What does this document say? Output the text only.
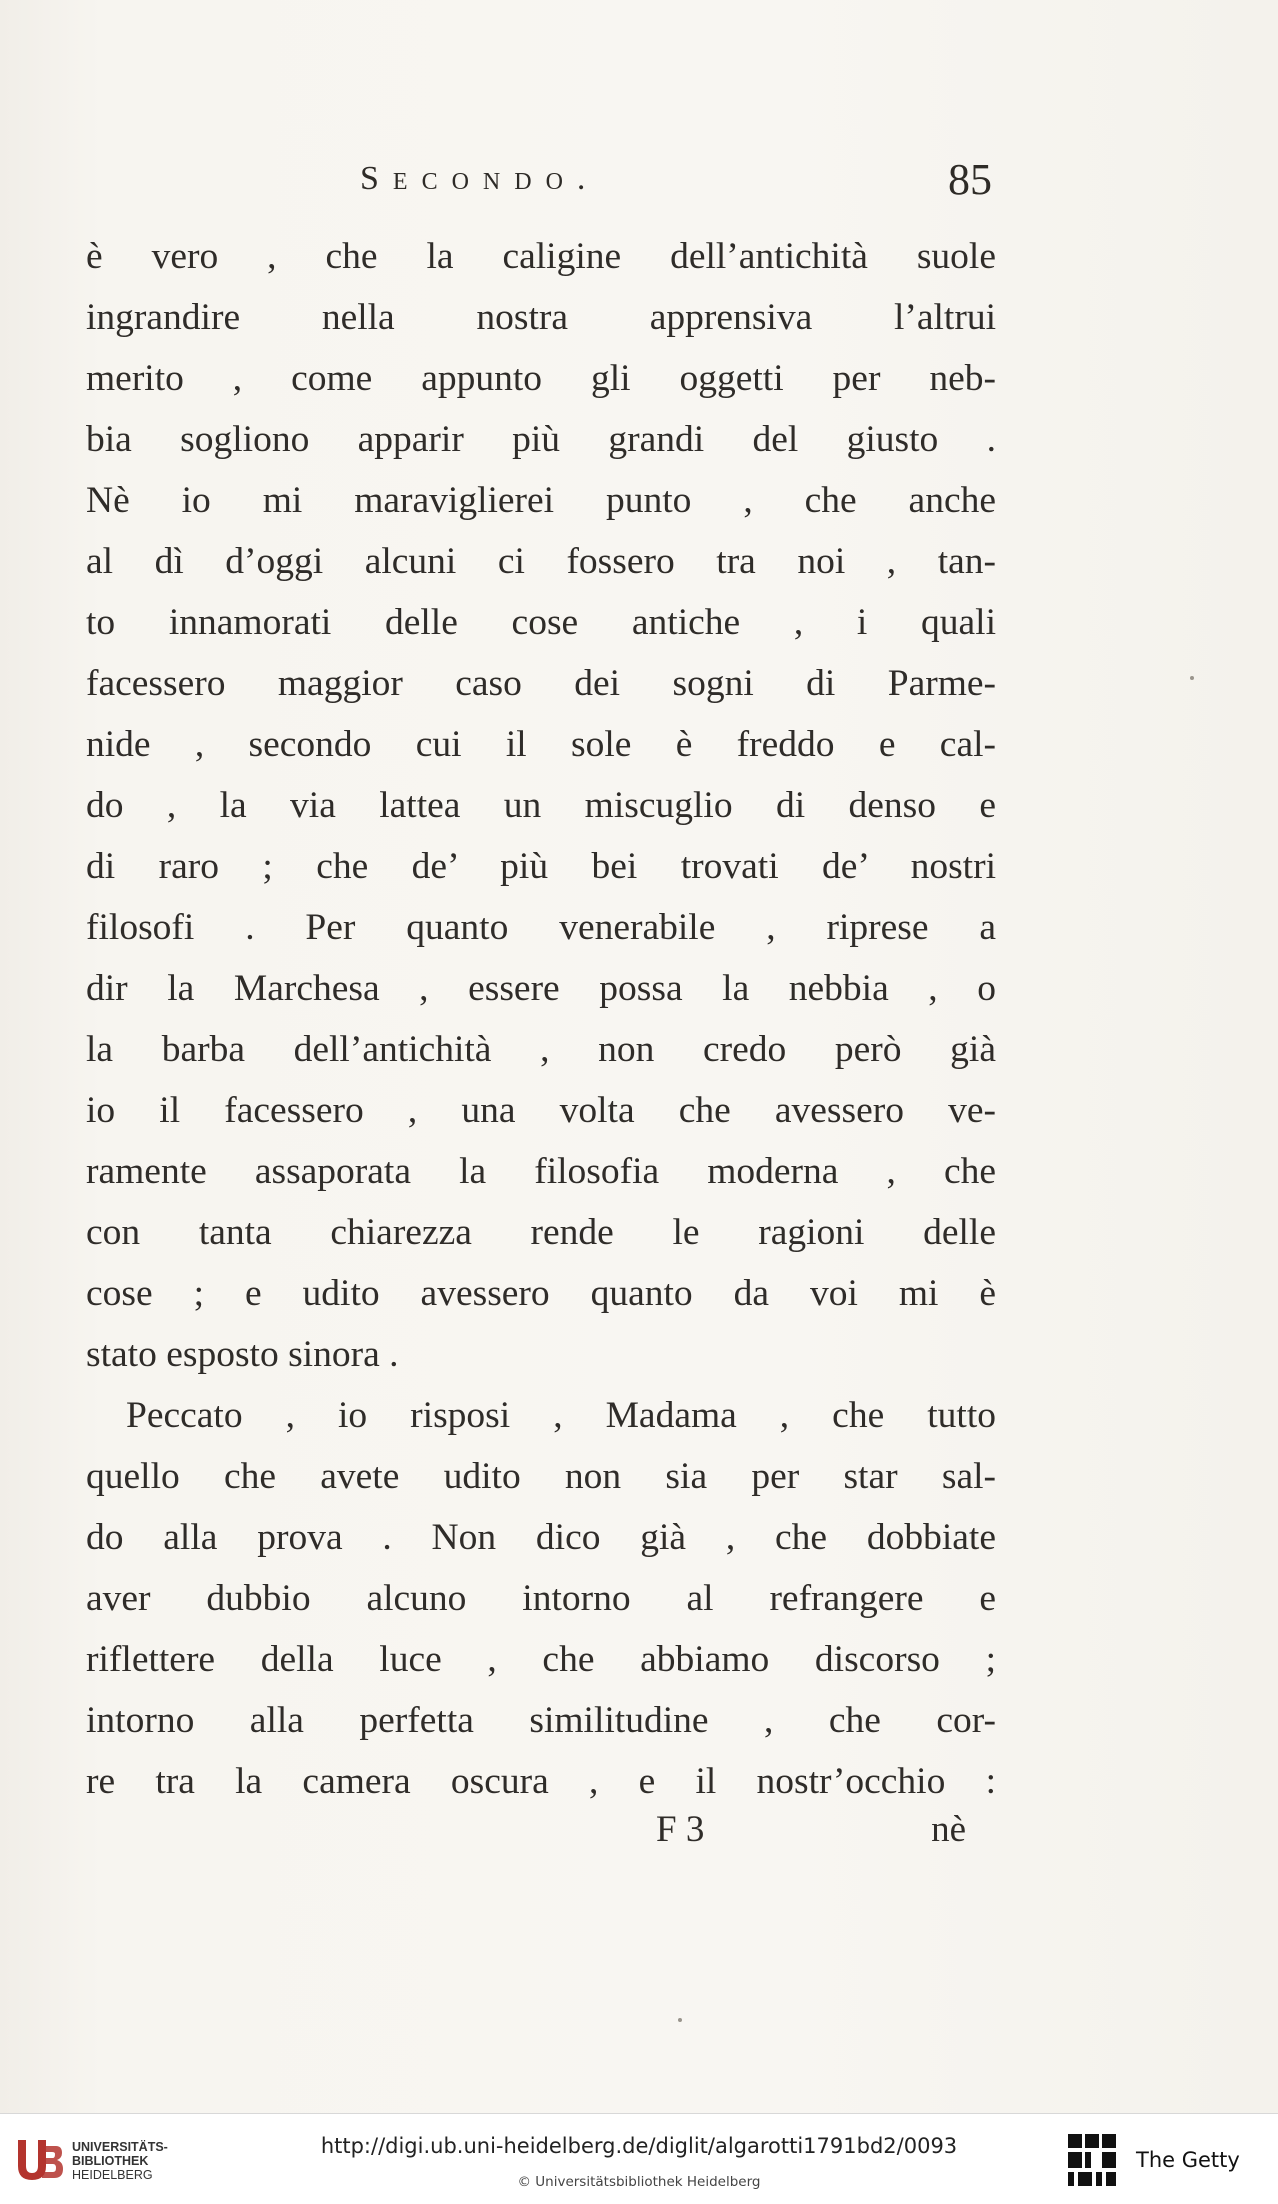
Secondo.	85
è vero , che la caligine dell’antichità suole
ingrandire nella nostra apprensiva l’altrui
merito , come appunto gli oggetti per neb-
bia sogliono apparir più grandi del giusto .
Nè io mi maraviglierei punto , che anche
al dì d’oggi alcuni ci fossero tra noi , tan-
to innamorati delle cose antiche , i quali
facessero maggior caso dei sogni di Parme-
nide , secondo cui il sole è freddo e cal-
do , la via lattea un miscuglio di denso e
di raro ; che de’ più bei trovati de’ nostri
filosofi . Per quanto venerabile , riprese a
dir la Marchesa , essere possa la nebbia , o
la barba dell’antichità , non credo però già
io il facessero , una volta che avessero ve-
ramente assaporata la filosofia moderna , che
con tanta chiarezza rende le ragioni delle
cose ; e udito avessero quanto da voi mi è
stato esposto sinora .
Peccato , io risposi , Madama , che tutto
quello che avete udito non sia per star sal-
do alla prova . Non dico già , che dobbiate
aver dubbio alcuno intorno al refrangere e
riflettere della luce , che abbiamo discorso ;
intorno alla perfetta similitudine , che cor-
re tra la camera oscura , e il nostr’occhio :
F 3	nè
UNIVERSITÄTS-
BIBLIOTHEK
HEIDELBERG
http://digi.ub.uni-heidelberg.de/diglit/algarotti1791bd2/0093
© Universitätsbibliothek Heidelberg
The Getty
